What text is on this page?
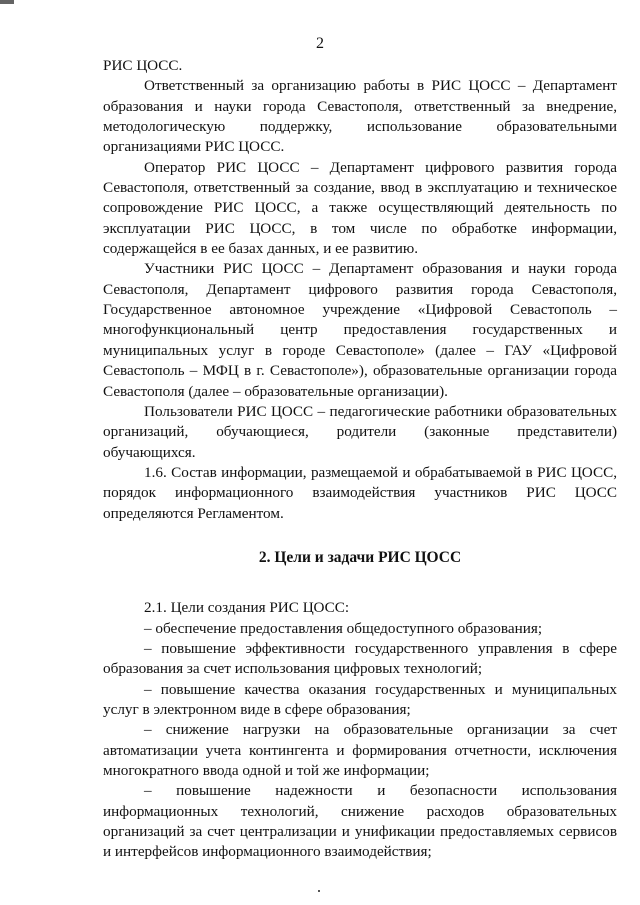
2

РИС ЦОСС.

Ответственный за организацию работы в РИС ЦОСС – Департамент образования и науки города Севастополя, ответственный за внедрение, методологическую поддержку, использование образовательными организациями РИС ЦОСС.

Оператор РИС ЦОСС – Департамент цифрового развития города Севастополя, ответственный за создание, ввод в эксплуатацию и техническое сопровождение РИС ЦОСС, а также осуществляющий деятельность по эксплуатации РИС ЦОСС, в том числе по обработке информации, содержащейся в ее базах данных, и ее развитию.

Участники РИС ЦОСС – Департамент образования и науки города Севастополя, Департамент цифрового развития города Севастополя, Государственное автономное учреждение «Цифровой Севастополь – многофункциональный центр предоставления государственных и муниципальных услуг в городе Севастополе» (далее – ГАУ «Цифровой Севастополь – МФЦ в г. Севастополе»), образовательные организации города Севастополя (далее – образовательные организации).

Пользователи РИС ЦОСС – педагогические работники образовательных организаций, обучающиеся, родители (законные представители) обучающихся.

1.6. Состав информации, размещаемой и обрабатываемой в РИС ЦОСС, порядок информационного взаимодействия участников РИС ЦОСС определяются Регламентом.

2. Цели и задачи РИС ЦОСС

2.1. Цели создания РИС ЦОСС:

– обеспечение предоставления общедоступного образования;

– повышение эффективности государственного управления в сфере образования за счет использования цифровых технологий;

– повышение качества оказания государственных и муниципальных услуг в электронном виде в сфере образования;

– снижение нагрузки на образовательные организации за счет автоматизации учета контингента и формирования отчетности, исключения многократного ввода одной и той же информации;

– повышение надежности и безопасности использования информационных технологий, снижение расходов образовательных организаций за счет централизации и унификации предоставляемых сервисов и интерфейсов информационного взаимодействия;
